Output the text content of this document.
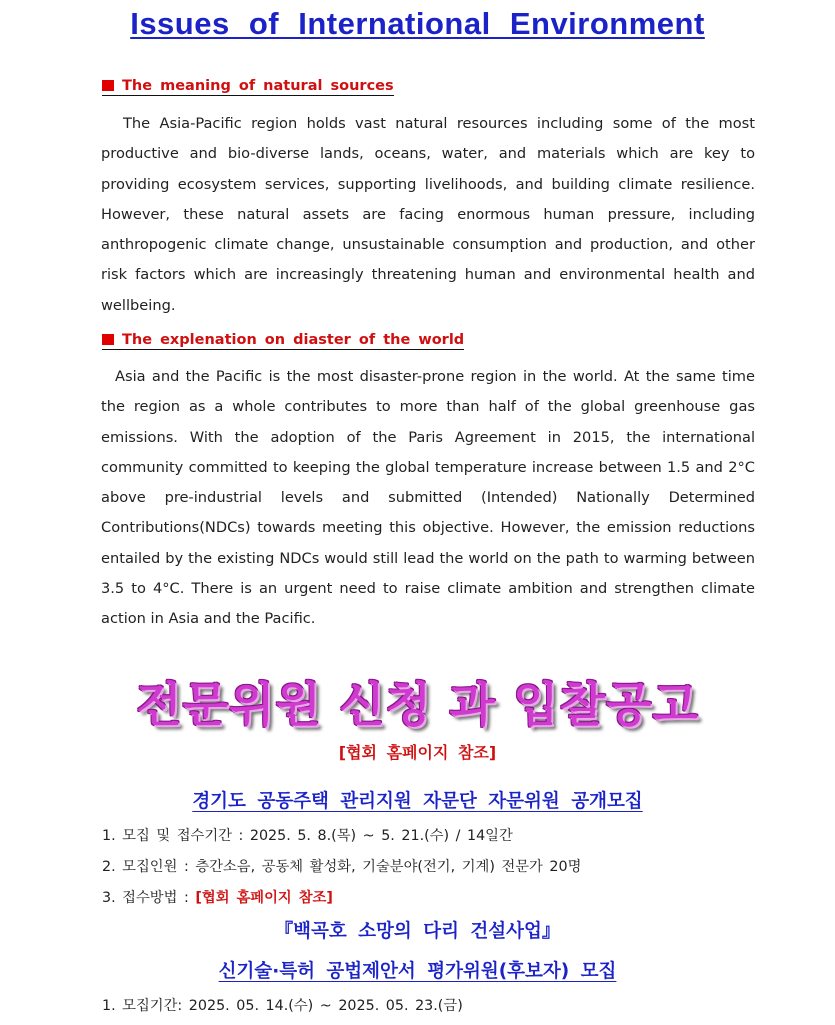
Issues of International Environment
The meaning of natural sources

The Asia-Pacific region holds vast natural resources including some of the most productive and bio-diverse lands, oceans, water, and materials which are key to providing ecosystem services, supporting livelihoods, and building climate resilience. However, these natural assets are facing enormous human pressure, including anthropogenic climate change, unsustainable consumption and production, and other risk factors which are increasingly threatening human and environmental health and wellbeing.

The explenation on diaster of the world

Asia and the Pacific is the most disaster-prone region in the world. At the same time the region as a whole contributes to more than half of the global greenhouse gas emissions. With the adoption of the Paris Agreement in 2015, the international community committed to keeping the global temperature increase between 1.5 and 2°C above pre-industrial levels and submitted (Intended) Nationally Determined Contributions(NDCs) towards meeting this objective. However, the emission reductions entailed by the existing NDCs would still lead the world on the path to warming between 3.5 to 4°C. There is an urgent need to raise climate ambition and strengthen climate action in Asia and the Pacific.

전문위원 신청 과 입찰공고
[협회 홈페이지 참조]
경기도 공동주택 관리지원 자문단 자문위원 공개모집
1. 모집 및 접수기간 : 2025. 5. 8.(목) ~ 5. 21.(수) / 14일간
2. 모집인원 : 층간소음, 공동체 활성화, 기술분야(전기, 기계) 전문가 20명
3. 접수방법 : [협회 홈페이지 참조]
『백곡호 소망의 다리 건설사업』
신기술·특허 공법제안서 평가위원(후보자) 모집
1. 모집기간: 2025. 05. 14.(수) ~ 2025. 05. 23.(금)
